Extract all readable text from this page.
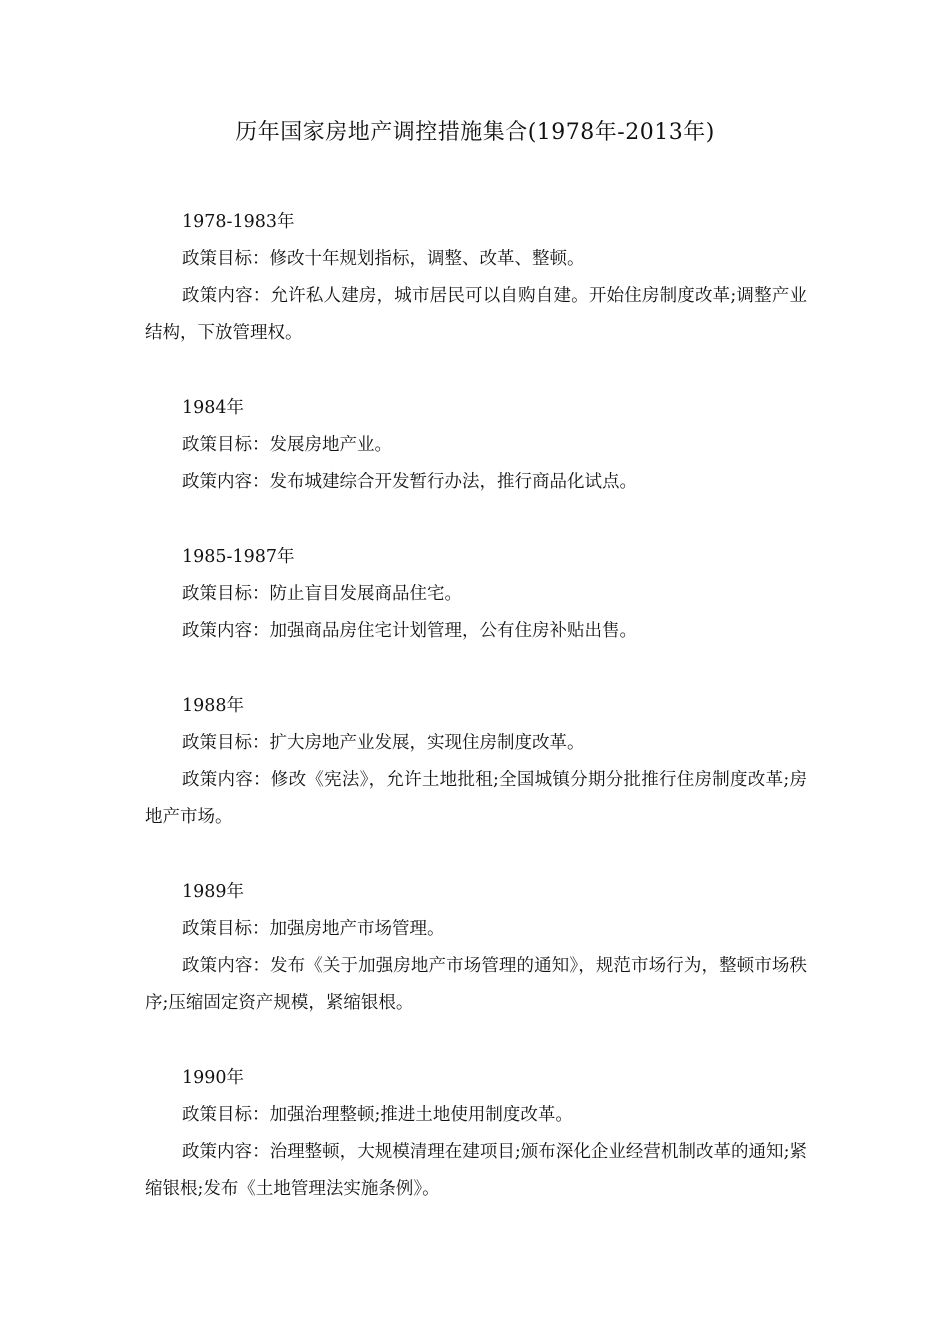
历年国家房地产调控措施集合(1978年-2013年)

1978-1983年

政策目标：修改十年规划指标，调整、改革、整顿。

政策内容：允许私人建房，城市居民可以自购自建。开始住房制度改革;调整产业结构，下放管理权。

1984年

政策目标：发展房地产业。

政策内容：发布城建综合开发暂行办法，推行商品化试点。

1985-1987年

政策目标：防止盲目发展商品住宅。

政策内容：加强商品房住宅计划管理，公有住房补贴出售。

1988年

政策目标：扩大房地产业发展，实现住房制度改革。

政策内容：修改《宪法》，允许土地批租;全国城镇分期分批推行住房制度改革;房地产市场。

1989年

政策目标：加强房地产市场管理。

政策内容：发布《关于加强房地产市场管理的通知》，规范市场行为，整顿市场秩序;压缩固定资产规模，紧缩银根。

1990年

政策目标：加强治理整顿;推进土地使用制度改革。

政策内容：治理整顿，大规模清理在建项目;颁布深化企业经营机制改革的通知;紧缩银根;发布《土地管理法实施条例》。
